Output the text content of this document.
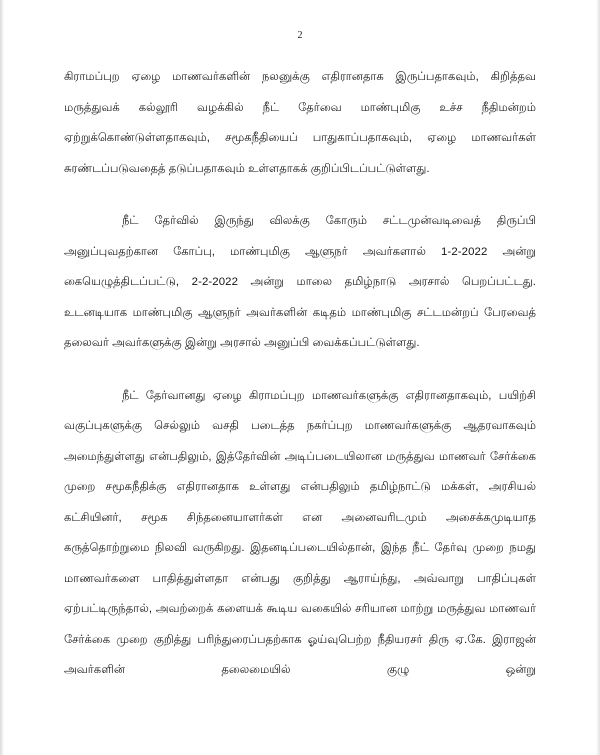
2

கிராமப்புற ஏழை மாணவர்களின் நலனுக்கு எதிரானதாக இருப்பதாகவும், கிறித்தவ மருத்துவக் கல்லூரி வழக்கில் நீட் தேர்வை மாண்புமிகு உச்ச நீதிமன்றம் ஏற்றுக்கொண்டுள்ளதாகவும், சமூகநீதியைப் பாதுகாப்பதாகவும், ஏழை மாணவர்கள் சுரண்டப்படுவதைத் தடுப்பதாகவும் உள்ளதாகக் குறிப்பிடப்பட்டுள்ளது.

நீட் தேர்வில் இருந்து விலக்கு கோரும் சட்டமுன்வடிவைத் திருப்பி அனுப்புவதற்கான கோப்பு, மாண்புமிகு ஆளுநர் அவர்களால் 1-2-2022 அன்று கையெழுத்திடப்பட்டு, 2-2-2022 அன்று மாலை தமிழ்நாடு அரசால் பெறப்பட்டது. உடனடியாக மாண்புமிகு ஆளுநர் அவர்களின் கடிதம் மாண்புமிகு சட்டமன்றப் பேரவைத் தலைவர் அவர்களுக்கு இன்று அரசால் அனுப்பி வைக்கப்பட்டுள்ளது.

நீட் தேர்வானது ஏழை கிராமப்புற மாணவர்களுக்கு எதிரானதாகவும், பயிற்சி வகுப்புகளுக்கு செல்லும் வசதி படைத்த நகர்ப்புற மாணவர்களுக்கு ஆதரவாகவும் அமைந்துள்ளது என்பதிலும், இத்தேர்வின் அடிப்படையிலான மருத்துவ மாணவர் சேர்க்கை முறை சமூகநீதிக்கு எதிரானதாக உள்ளது என்பதிலும் தமிழ்நாட்டு மக்கள், அரசியல் கட்சியினர், சமூக சிந்தனையாளர்கள் என அனைவரிடமும் அசைக்கமுடியாத கருத்தொற்றுமை நிலவி வருகிறது. இதனடிப்படையில்தான், இந்த நீட் தேர்வு முறை நமது மாணவர்களை பாதித்துள்ளதா என்பது குறித்து ஆராய்ந்து, அவ்வாறு பாதிப்புகள் ஏற்பட்டிருந்தால், அவற்றைக் களையக் கூடிய வகையில் சரியான மாற்று மருத்துவ மாணவர் சேர்க்கை முறை குறித்து பரிந்துரைப்பதற்காக ஓய்வுபெற்ற நீதியரசர் திரு ஏ.கே. இராஜன் அவர்களின் தலைமையில் குழு ஒன்று
